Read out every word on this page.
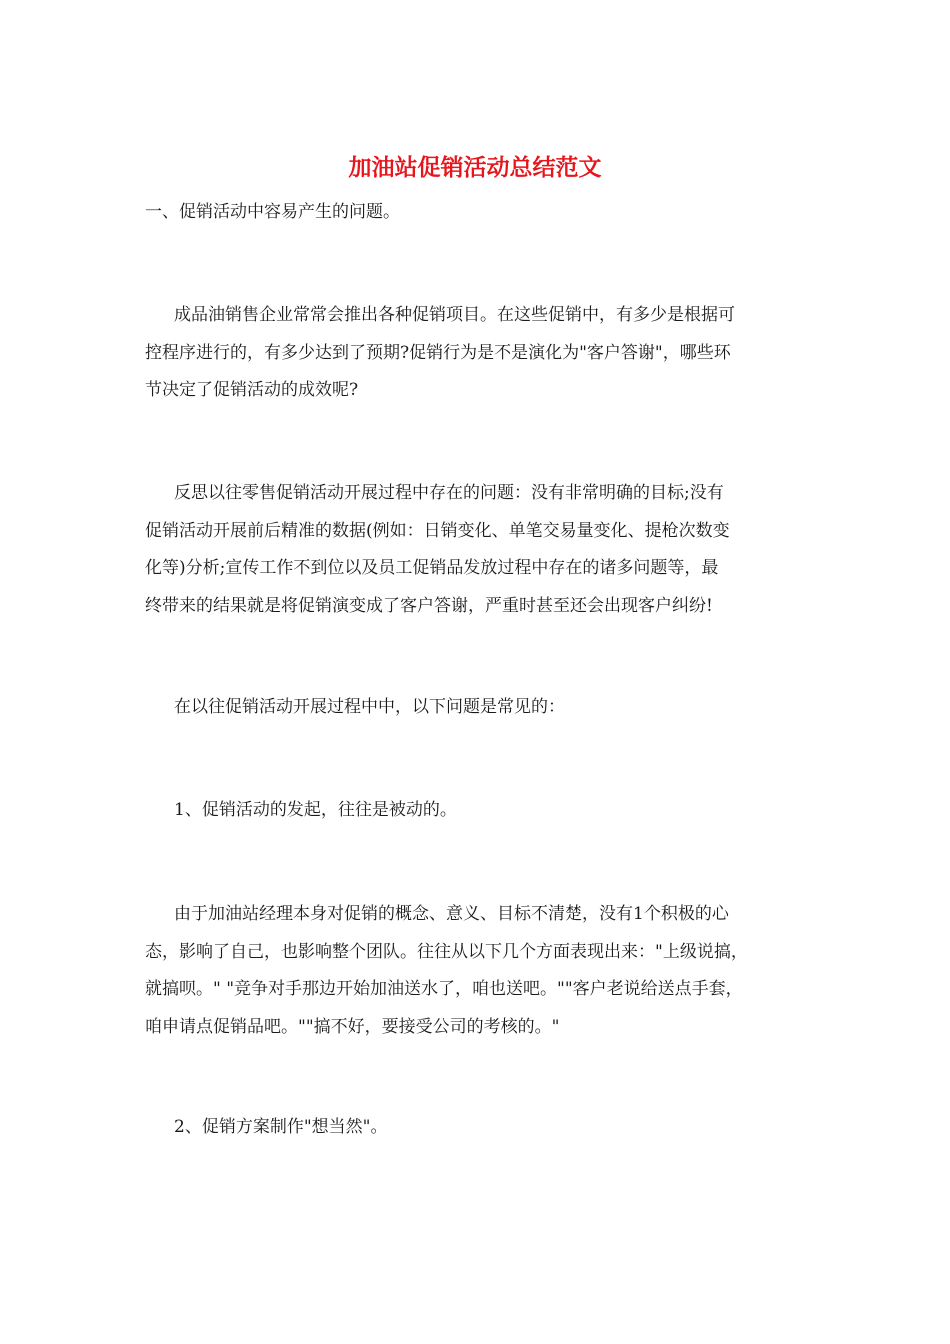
加油站促销活动总结范文

一、促销活动中容易产生的问题。

成品油销售企业常常会推出各种促销项目。在这些促销中，有多少是根据可
控程序进行的，有多少达到了预期?促销行为是不是演化为"客户答谢"，哪些环
节决定了促销活动的成效呢?

反思以往零售促销活动开展过程中存在的问题：没有非常明确的目标;没有
促销活动开展前后精准的数据(例如：日销变化、单笔交易量变化、提枪次数变
化等)分析;宣传工作不到位以及员工促销品发放过程中存在的诸多问题等，最
终带来的结果就是将促销演变成了客户答谢，严重时甚至还会出现客户纠纷!

在以往促销活动开展过程中中，以下问题是常见的：

1、促销活动的发起，往往是被动的。

由于加油站经理本身对促销的概念、意义、目标不清楚，没有1个积极的心
态，影响了自己，也影响整个团队。往往从以下几个方面表现出来："上级说搞，
就搞呗。" "竞争对手那边开始加油送水了，咱也送吧。""客户老说给送点手套，
咱申请点促销品吧。""搞不好，要接受公司的考核的。"

2、促销方案制作"想当然"。
